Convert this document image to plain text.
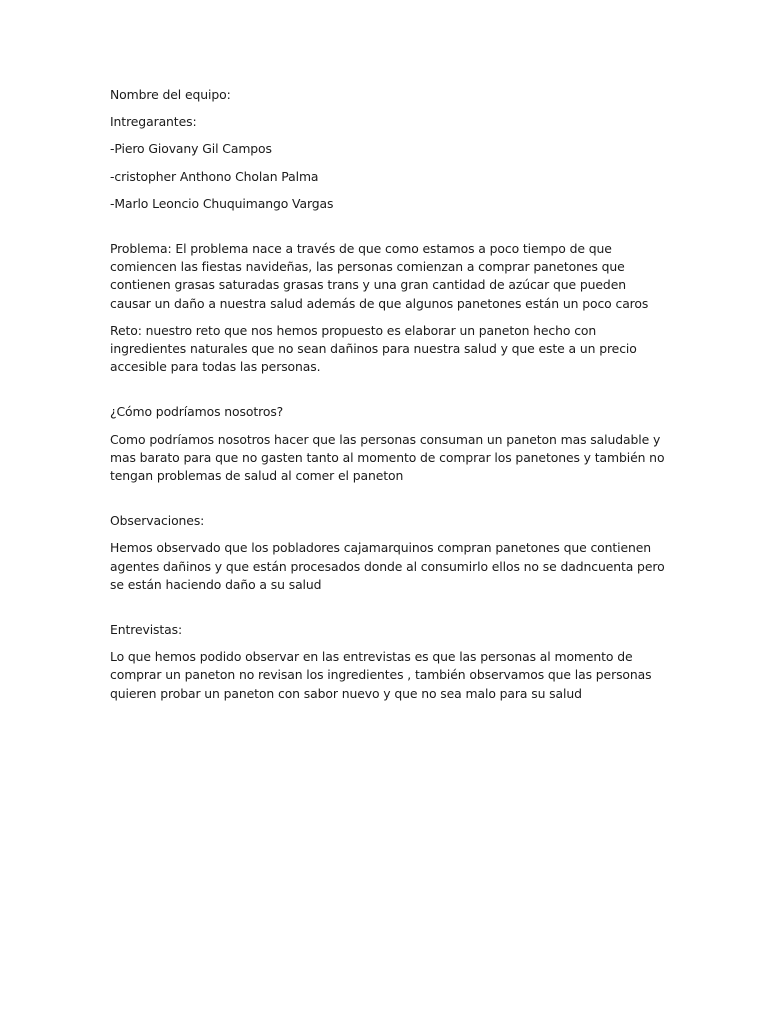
Nombre del equipo:

Intregarantes:

-Piero Giovany Gil Campos

-cristopher Anthono Cholan Palma

-Marlo Leoncio Chuquimango Vargas

Problema: El problema nace a través de que como estamos a poco tiempo de que comiencen las fiestas navideñas, las personas comienzan a comprar panetones que contienen grasas saturadas grasas trans y una gran cantidad de azúcar que pueden causar un daño a nuestra salud además de que algunos panetones están un poco caros

Reto: nuestro reto que nos hemos propuesto es elaborar un paneton hecho con ingredientes naturales que no sean dañinos para nuestra salud y que este a un precio accesible para todas las personas.

¿Cómo podríamos nosotros?

Como podríamos nosotros hacer que las personas consuman un paneton mas saludable y mas barato para que no gasten tanto al momento de comprar los panetones y también no tengan problemas de salud al comer el paneton

Observaciones:

Hemos observado que los pobladores cajamarquinos compran panetones que contienen agentes dañinos y que están procesados donde al consumirlo ellos no se dadncuenta pero se están haciendo daño a su salud

Entrevistas:

Lo que hemos podido observar en las entrevistas es que las personas al momento de comprar un paneton no revisan los ingredientes , también observamos que las personas quieren probar un paneton con sabor nuevo y que no sea malo para su salud
